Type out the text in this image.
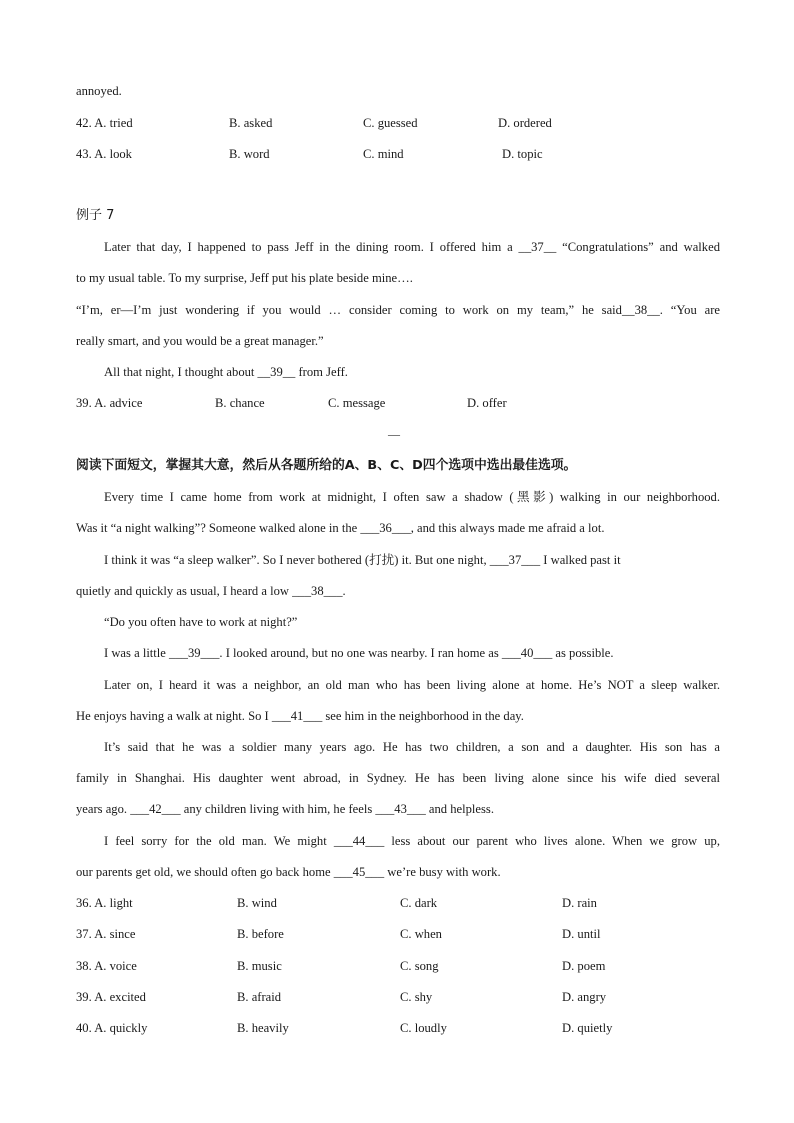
annoyed.
42. A. tried	B. asked	C. guessed	D. ordered
43. A. look	B. word	C. mind	D. topic
例子 7
Later that day, I happened to pass Jeff in the dining room. I offered him a __37__ “Congratulations” and walked
to my usual table. To my surprise, Jeff put his plate beside mine….
“I’m, er—I’m just wondering if you would … consider coming to work on my team,” he said__38__. “You are
really smart, and you would be a great manager.”
All that night, I thought about __39__ from Jeff.
39. A. advice	B. chance	C. message	D. offer
—
阅读下面短文，掌握其大意，然后从各题所给的A、B、C、D四个选项中选出最佳选项。
Every time I came home from work at midnight, I often saw a shadow (黑影) walking in our neighborhood.
Was it “a night walking”? Someone walked alone in the ___36___, and this always made me afraid a lot.
I think it was “a sleep walker”. So I never bothered (打扰) it. But one night, ___37___ I walked past it
quietly and quickly as usual, I heard a low ___38___.
“Do you often have to work at night?”
I was a little ___39___. I looked around, but no one was nearby. I ran home as ___40___ as possible.
Later on, I heard it was a neighbor, an old man who has been living alone at home. He’s NOT a sleep walker.
He enjoys having a walk at night. So I ___41___ see him in the neighborhood in the day.
It’s said that he was a soldier many years ago. He has two children, a son and a daughter. His son has a
family in Shanghai. His daughter went abroad, in Sydney. He has been living alone since his wife died several
years ago. ___42___ any children living with him, he feels ___43___ and helpless.
I feel sorry for the old man. We might ___44___ less about our parent who lives alone. When we grow up,
our parents get old, we should often go back home ___45___ we’re busy with work.
36. A. light	B. wind	C. dark	D. rain
37. A. since	B. before	C. when	D. until
38. A. voice	B. music	C. song	D. poem
39. A. excited	B. afraid	C. shy	D. angry
40. A. quickly	B. heavily	C. loudly	D. quietly
